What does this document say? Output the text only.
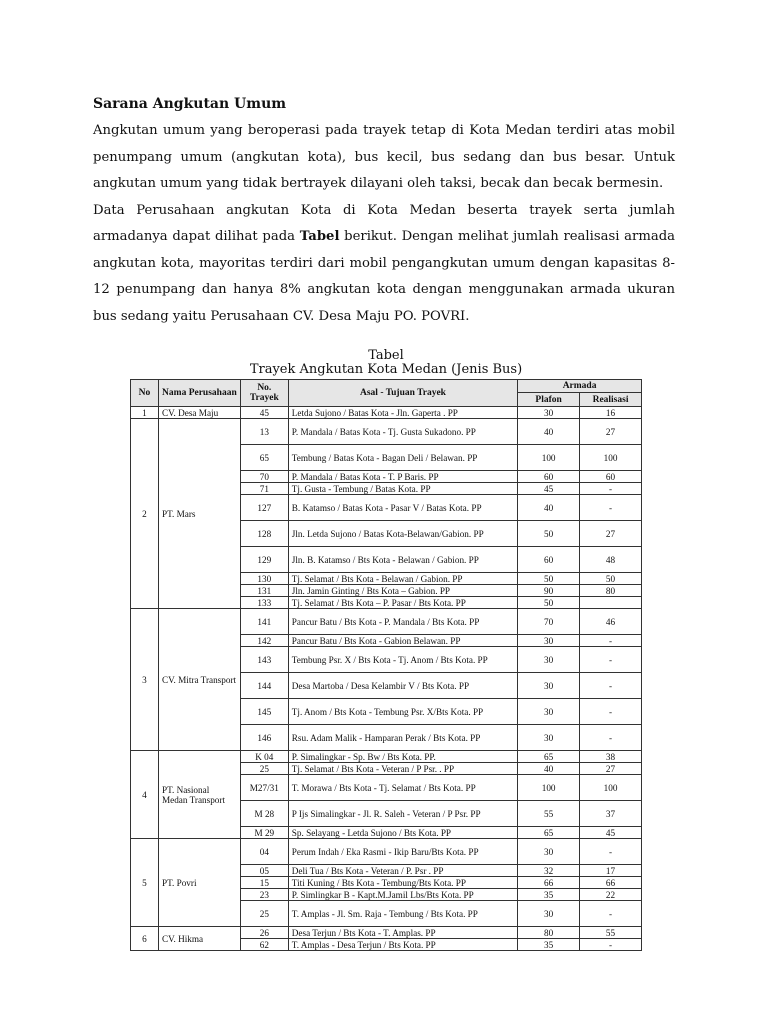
Sarana Angkutan Umum

Angkutan umum yang beroperasi pada trayek tetap di Kota Medan terdiri atas mobil penumpang umum (angkutan kota), bus kecil, bus sedang dan bus besar. Untuk angkutan umum yang tidak bertrayek dilayani oleh taksi, becak dan becak bermesin.

Data Perusahaan angkutan Kota di Kota Medan beserta trayek serta jumlah armadanya dapat dilihat pada Tabel berikut. Dengan melihat jumlah realisasi armada angkutan kota, mayoritas terdiri dari mobil pengangkutan umum dengan kapasitas 8-12 penumpang dan hanya 8% angkutan kota dengan menggunakan armada ukuran bus sedang yaitu Perusahaan CV. Desa Maju PO. POVRI.

Tabel
Trayek Angkutan Kota Medan (Jenis Bus)
No	Nama Perusahaan	No. Trayek	Asal - Tujuan Trayek	Armada	
				Plafon	Realisasi
1	CV. Desa Maju	45	Letda Sujono / Batas Kota - Jln. Gaperta . PP	30	16
2	PT. Mars	13	P. Mandala / Batas Kota - Tj. Gusta Sukadono. PP	40	27
		65	Tembung / Batas Kota - Bagan Deli / Belawan. PP	100	100
		70	P. Mandala / Batas Kota - T. P Baris. PP	60	60
		71	Tj. Gusta - Tembung / Batas Kota. PP	45	-
		127	B. Katamso / Batas Kota - Pasar V / Batas Kota. PP	40	-
		128	Jln. Letda Sujono / Batas Kota-Belawan/Gabion. PP	50	27
		129	Jln. B. Katamso / Bts Kota - Belawan / Gabion. PP	60	48
		130	Tj. Selamat / Bts Kota - Belawan / Gabion. PP	50	50
		131	Jln. Jamin Ginting / Bts Kota – Gabion. PP	90	80
		133	Tj. Selamat / Bts Kota – P. Pasar / Bts Kota. PP	50	
3	CV. Mitra Transport	141	Pancur Batu / Bts Kota - P. Mandala / Bts Kota. PP	70	46
		142	Pancur Batu / Bts Kota - Gabion Belawan. PP	30	-
		143	Tembung Psr. X / Bts Kota - Tj. Anom / Bts Kota. PP	30	-
		144	Desa Martoba / Desa Kelambir V / Bts Kota. PP	30	-
		145	Tj. Anom / Bts Kota - Tembung Psr. X/Bts Kota. PP	30	-
		146	Rsu. Adam Malik - Hamparan Perak / Bts Kota. PP	30	-
4	PT. Nasional Medan Transport	K 04	P. Simalingkar - Sp. Bw / Bts Kota. PP.	65	38
		25	Tj. Selamat / Bts Kota - Veteran / P Psr. . PP	40	27
		M27/31	T. Morawa / Bts Kota - Tj. Selamat / Bts Kota. PP	100	100
		M 28	P Ijs Simalingkar - Jl. R. Saleh - Veteran / P Psr. PP	55	37
		M 29	Sp. Selayang - Letda Sujono / Bts Kota. PP	65	45
5	PT. Povri	04	Perum Indah / Eka Rasmi - Ikip Baru/Bts Kota. PP	30	-
		05	Deli Tua / Bts Kota - Veteran / P. Psr . PP	32	17
		15	Titi Kuning / Bts Kota - Tembung/Bts Kota. PP	66	66
		23	P. Simlingkar B - Kapt.M.Jamil Lbs/Bts Kota. PP	35	22
		25	T. Amplas - Jl. Sm. Raja - Tembung / Bts Kota. PP	30	-
6	CV. Hikma	26	Desa Terjun / Bts Kota - T. Amplas. PP	80	55
		62	T. Amplas - Desa Terjun / Bts Kota. PP	35	-
